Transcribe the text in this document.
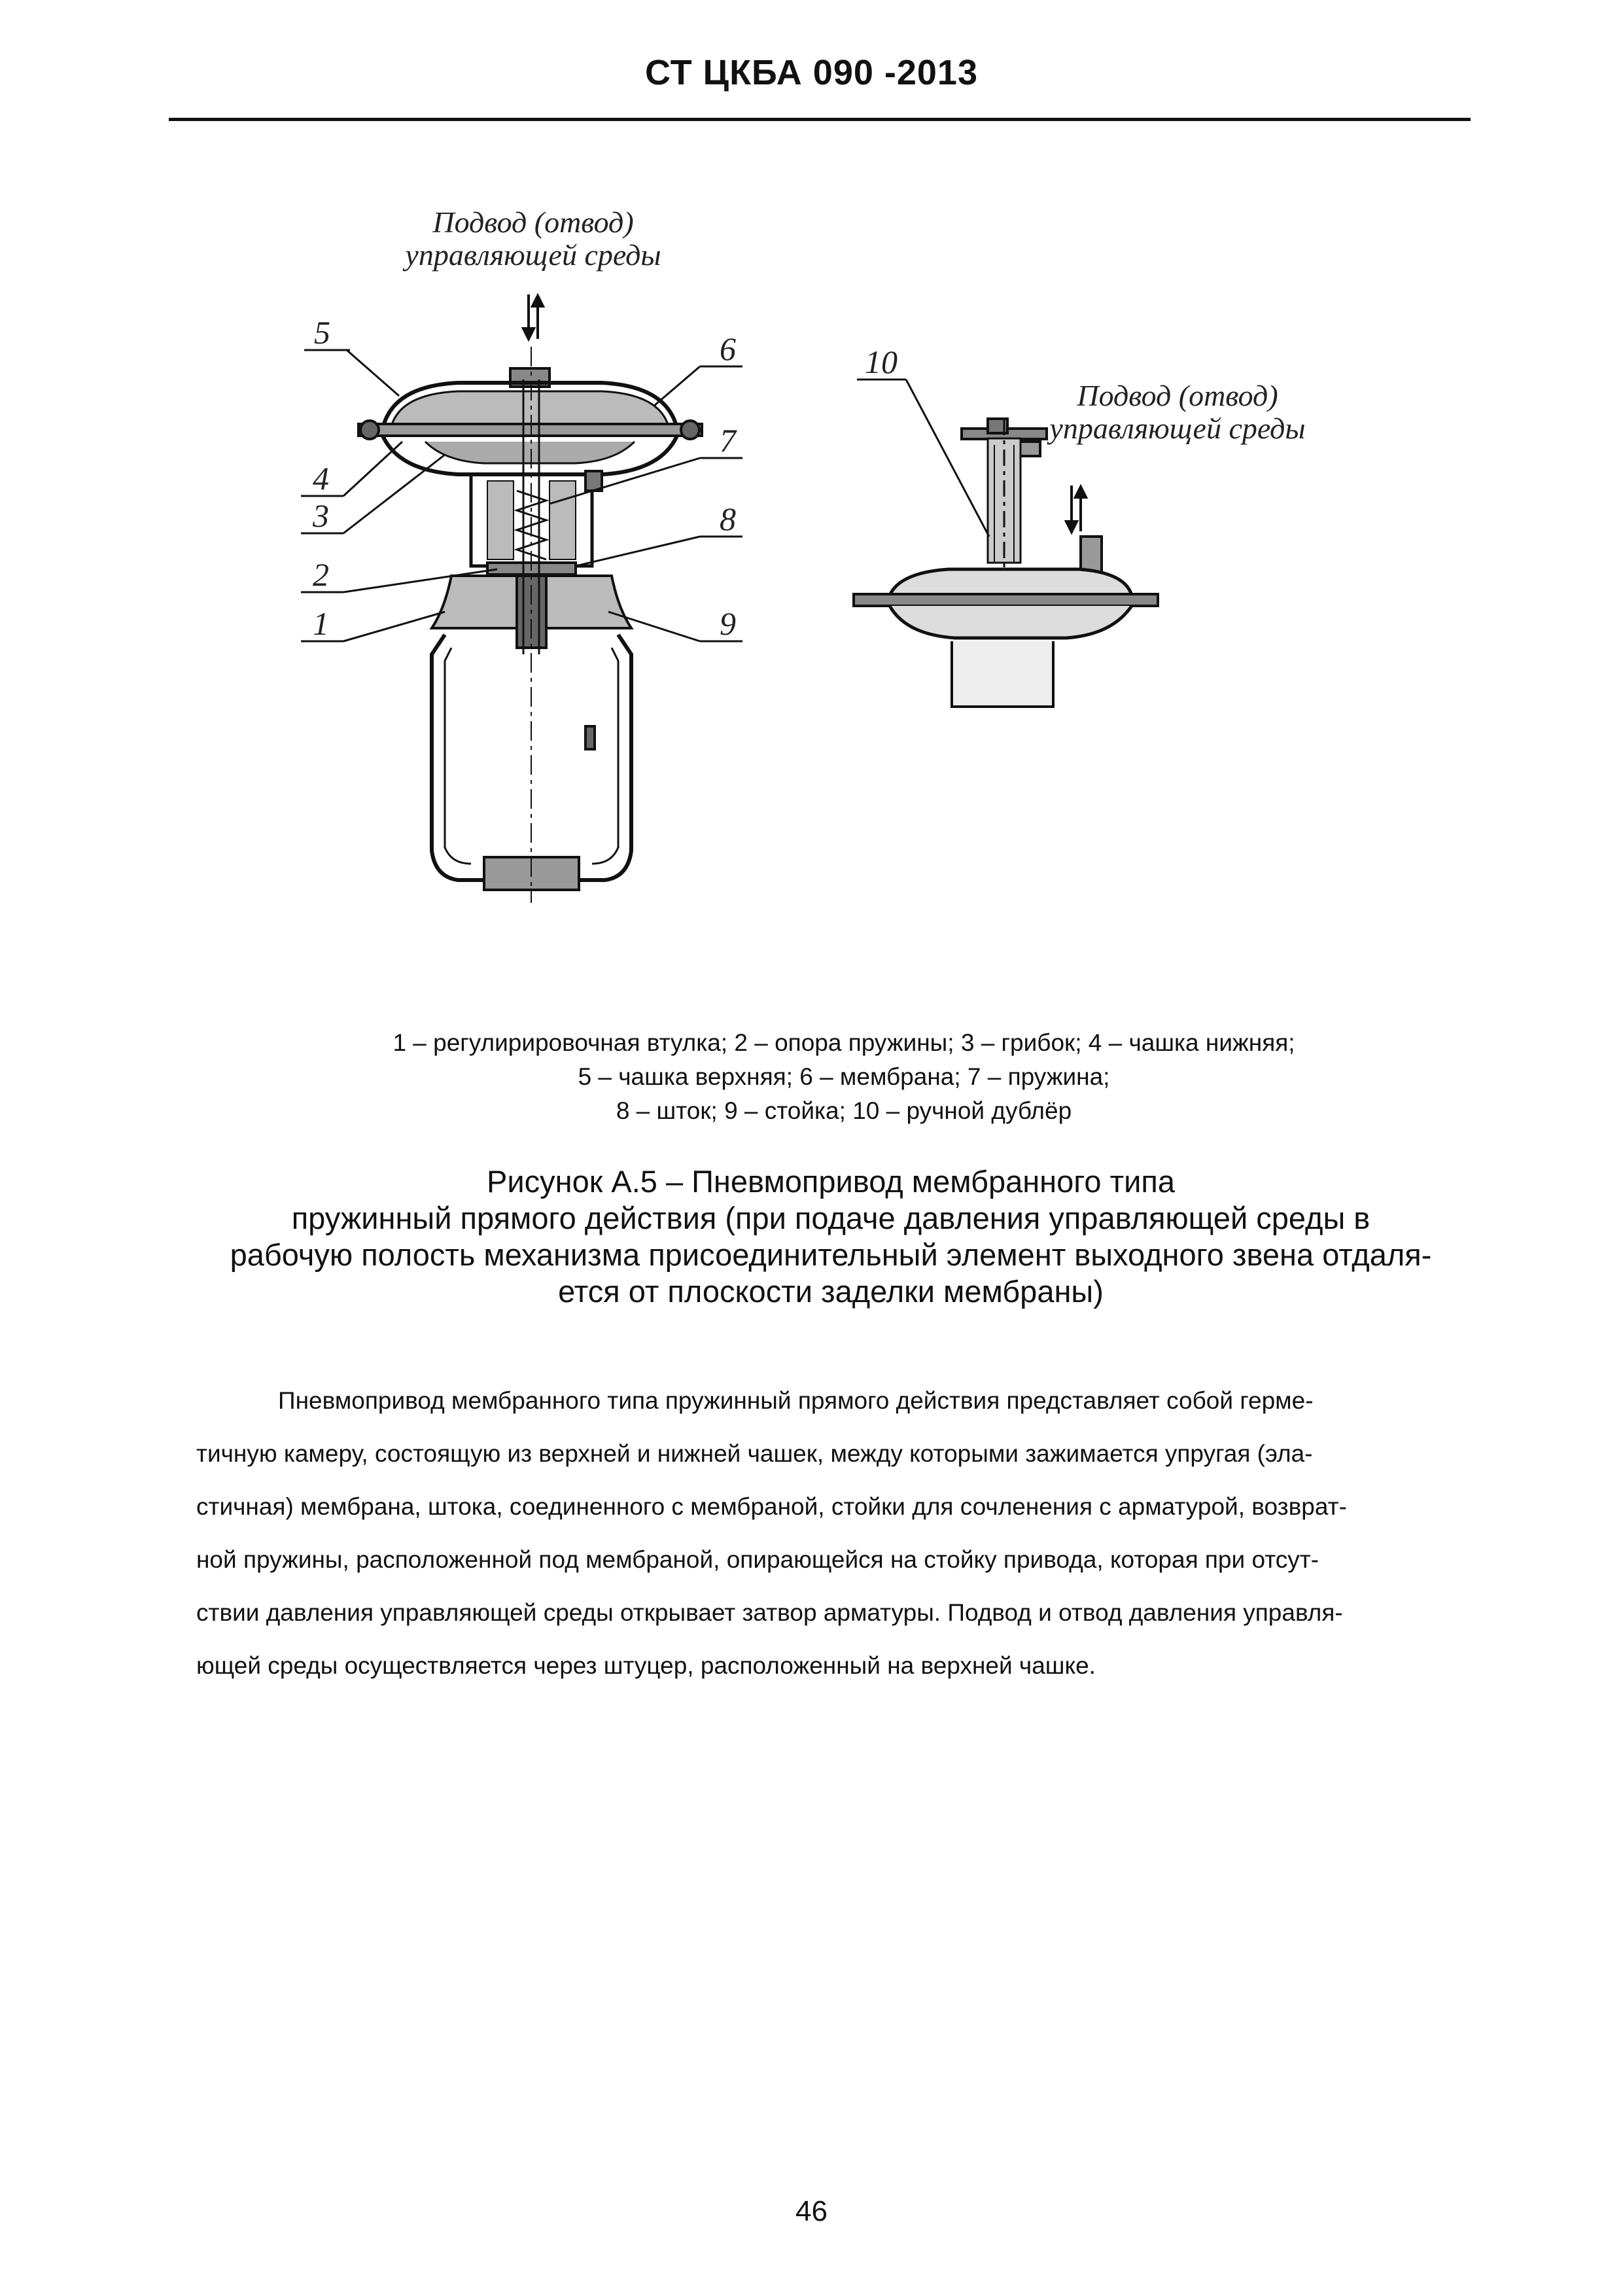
СТ ЦКБА 090 -2013
Подвод (отвод)
управляющей среды
5	6
4
7
3	8
2
1	9
10
Подвод (отвод)
управляющей среды
1 – регулирировочная втулка; 2 – опора пружины; 3 – грибок; 4 – чашка нижняя;
5 – чашка верхняя; 6 – мембрана; 7 – пружина;
8 – шток; 9 – стойка; 10 – ручной дублёр
Рисунок А.5 – Пневмопривод мембранного типа
пружинный прямого действия (при подаче давления управляющей среды в
рабочую полость механизма присоединительный элемент выходного звена отдаля-
ется от плоскости заделки мембраны)
Пневмопривод мембранного типа пружинный прямого действия представляет собой герме-
тичную камеру, состоящую из верхней и нижней чашек, между которыми зажимается упругая (эла-
стичная) мембрана, штока, соединенного с мембраной, стойки для сочленения с арматурой, возврат-
ной пружины, расположенной под мембраной, опирающейся на стойку привода, которая при отсут-
ствии давления управляющей среды открывает затвор арматуры. Подвод и отвод давления управля-
ющей среды осуществляется через штуцер, расположенный на верхней чашке.
46
